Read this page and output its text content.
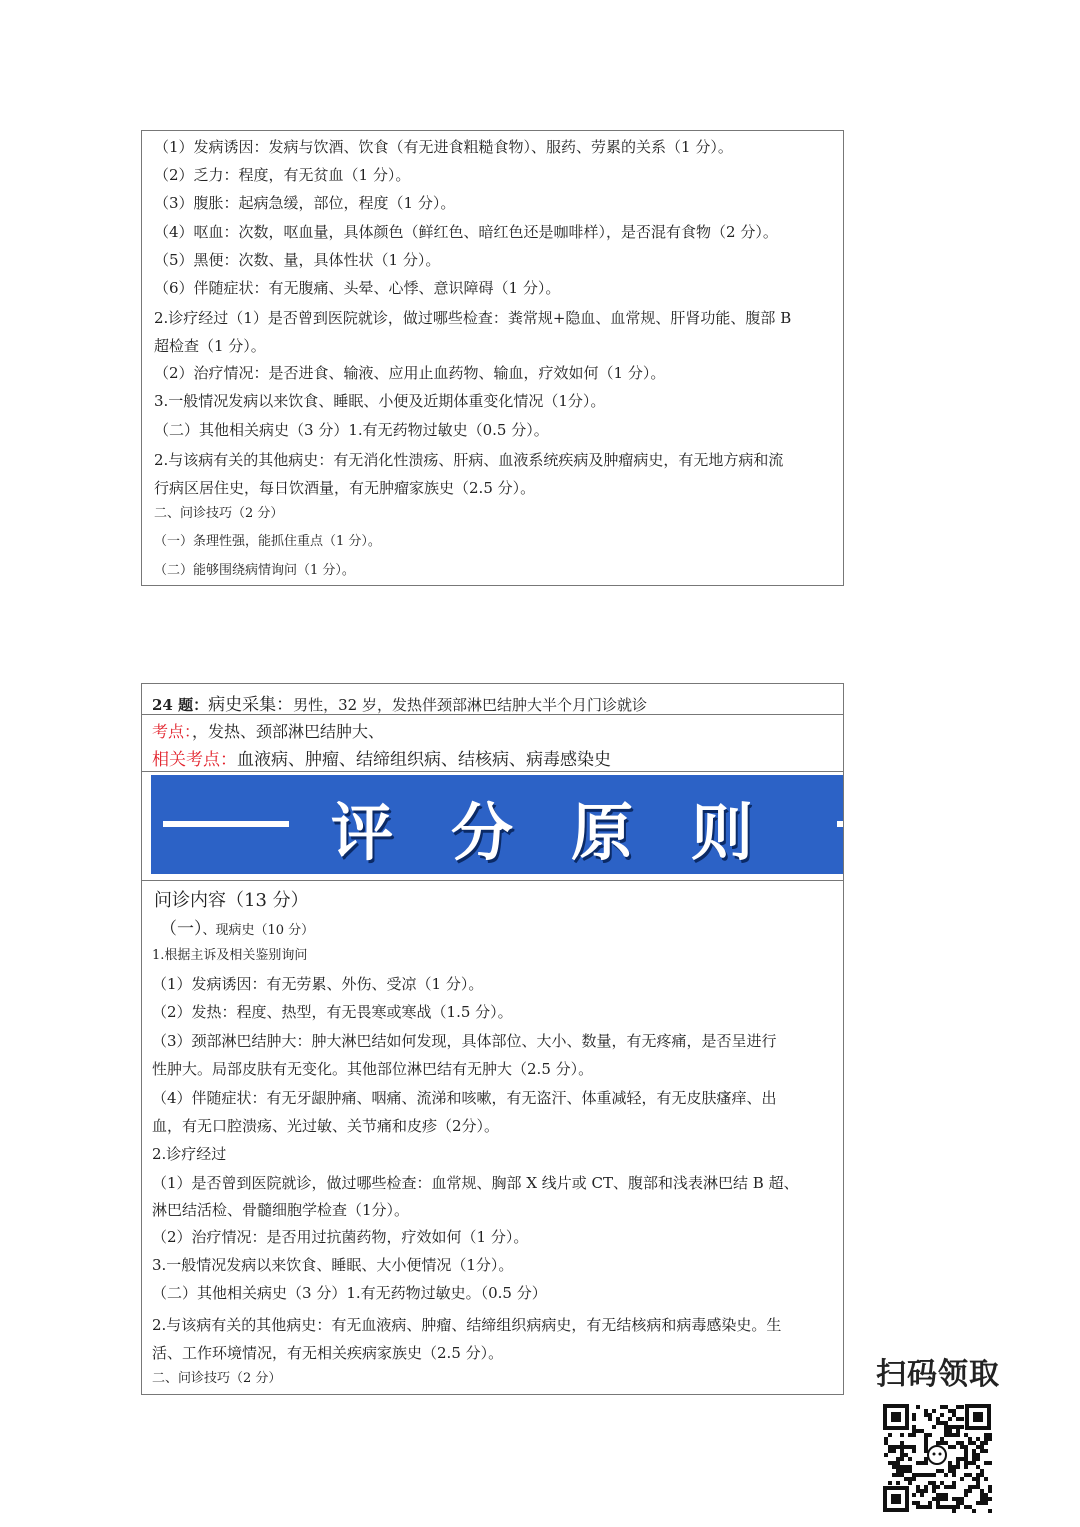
（1）发病诱因：发病与饮酒、饮食（有无进食粗糙食物）、服药、劳累的关系（1 分）。
（2）乏力：程度，有无贫血（1 分）。
（3）腹胀：起病急缓，部位，程度（1 分）。
（4）呕血：次数，呕血量，具体颜色（鲜红色、暗红色还是咖啡样），是否混有食物（2 分）。
（5）黑便：次数、量，具体性状（1 分）。
（6）伴随症状：有无腹痛、头晕、心悸、意识障碍（1 分）。
2.诊疗经过（1）是否曾到医院就诊，做过哪些检查：粪常规+隐血、血常规、肝肾功能、腹部 B
超检查（1 分）。
（2）治疗情况：是否进食、输液、应用止血药物、输血，疗效如何（1 分）。
3.一般情况发病以来饮食、睡眠、小便及近期体重变化情况（1分）。
（二）其他相关病史（3 分）1.有无药物过敏史（0.5 分）。
2.与该病有关的其他病史：有无消化性溃疡、肝病、血液系统疾病及肿瘤病史，有无地方病和流
行病区居住史，每日饮酒量，有无肿瘤家族史（2.5 分）。
二、问诊技巧（2 分）
（一）条理性强，能抓住重点（1 分）。
（二）能够围绕病情询问（1 分）。
24 题：病史采集：男性，32 岁，发热伴颈部淋巴结肿大半个月门诊就诊
考点：，发热、颈部淋巴结肿大、
相关考点：血液病、肿瘤、结缔组织病、结核病、病毒感染史
评分原则
问诊内容（13 分）
（一）、现病史（10 分）
1.根据主诉及相关鉴别询问
（1）发病诱因：有无劳累、外伤、受凉（1 分）。
（2）发热：程度、热型，有无畏寒或寒战（1.5 分）。
（3）颈部淋巴结肿大：肿大淋巴结如何发现，具体部位、大小、数量，有无疼痛，是否呈进行
性肿大。局部皮肤有无变化。其他部位淋巴结有无肿大（2.5 分）。
（4）伴随症状：有无牙龈肿痛、咽痛、流涕和咳嗽，有无盗汗、体重减轻，有无皮肤瘙痒、出
血，有无口腔溃疡、光过敏、关节痛和皮疹（2分）。
2.诊疗经过
（1）是否曾到医院就诊，做过哪些检查：血常规、胸部 X 线片或 CT、腹部和浅表淋巴结 B 超、
淋巴结活检、骨髓细胞学检查（1分）。
（2）治疗情况：是否用过抗菌药物，疗效如何（1 分）。
3.一般情况发病以来饮食、睡眠、大小便情况（1分）。
（二）其他相关病史（3 分）1.有无药物过敏史。（0.5 分）
2.与该病有关的其他病史：有无血液病、肿瘤、结缔组织病病史，有无结核病和病毒感染史。生
活、工作环境情况，有无相关疾病家族史（2.5 分）。
二、问诊技巧（2 分）	扫码领取
